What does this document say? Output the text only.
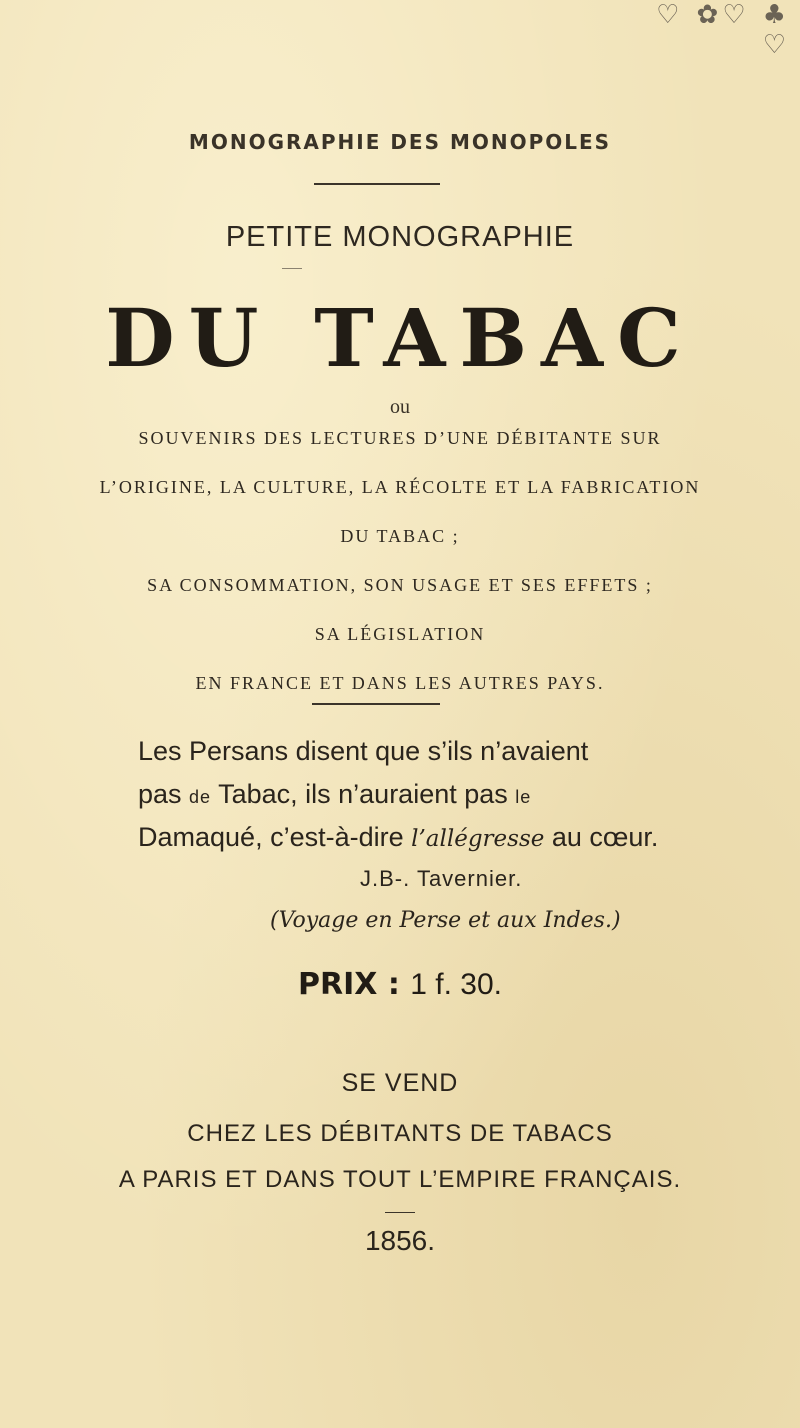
♡ ✿♡ ♣ ♡
MONOGRAPHIE DES MONOPOLES
PETITE MONOGRAPHIE
DU TABAC
ou
SOUVENIRS DES LECTURES D’UNE DÉBITANTE SUR
L’ORIGINE, LA CULTURE, LA RÉCOLTE ET LA FABRICATION
DU TABAC ;
SA CONSOMMATION, SON USAGE ET SES EFFETS ;
SA LÉGISLATION
EN FRANCE ET DANS LES AUTRES PAYS.
Les Persans disent que s’ils n’avaient
pas de Tabac, ils n’auraient pas le
Damaqué, c’est-à-dire l’allégresse au cœur.
J.B-. Tavernier.
(Voyage en Perse et aux Indes.)
PRIX : 1 f. 30.
SE VEND
CHEZ LES DÉBITANTS DE TABACS
A PARIS ET DANS TOUT L’EMPIRE FRANÇAIS.
1856.
